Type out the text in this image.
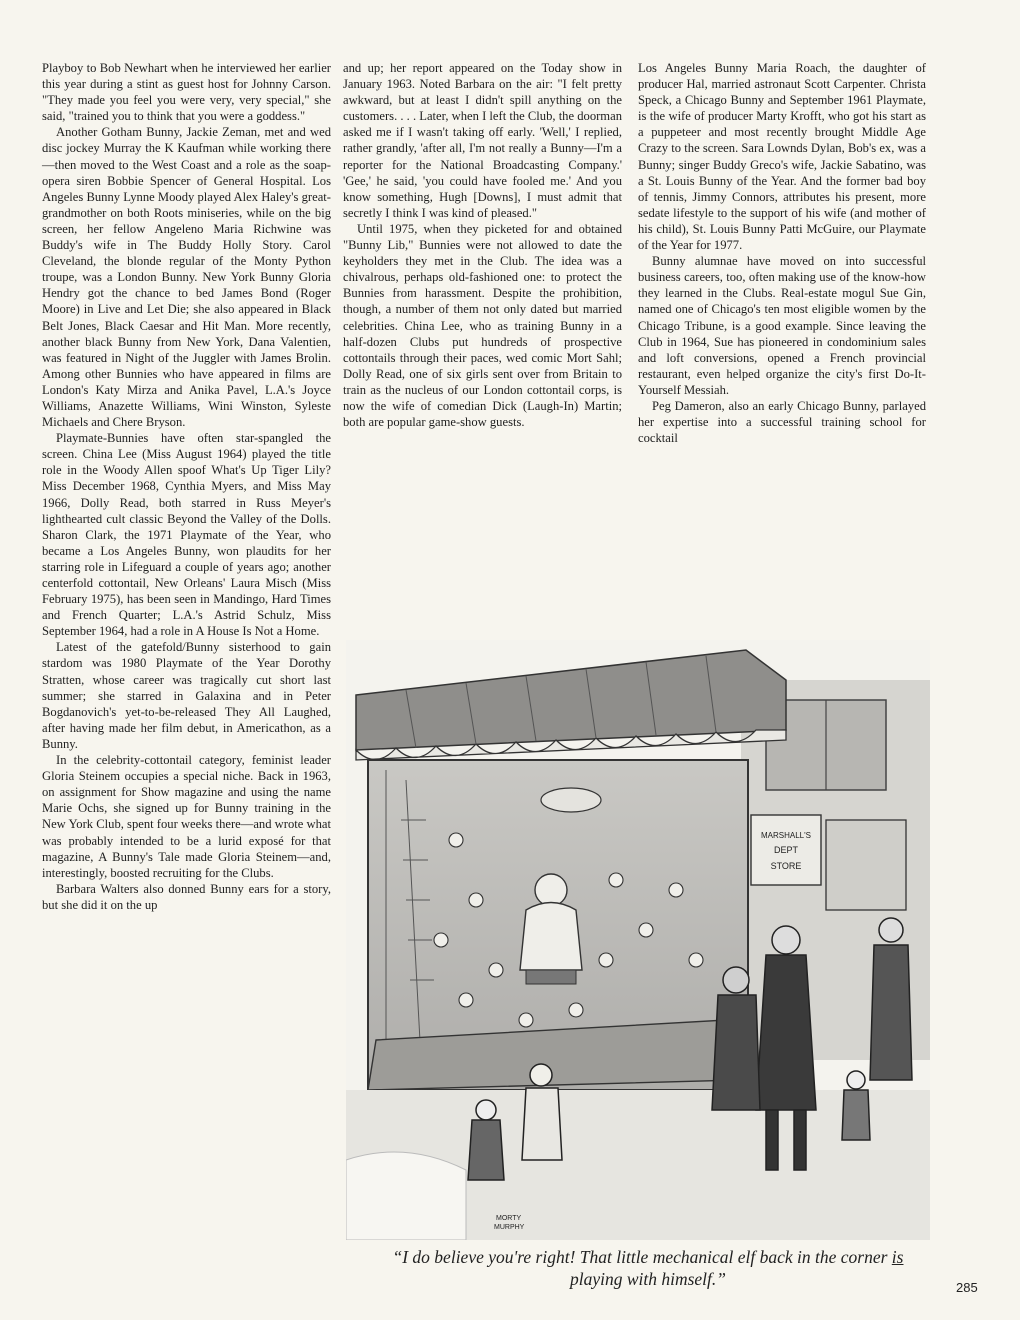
Playboy to Bob Newhart when he interviewed her earlier this year during a stint as guest host for Johnny Carson. "They made you feel you were very, very special," she said, "trained you to think that you were a goddess."

Another Gotham Bunny, Jackie Zeman, met and wed disc jockey Murray the K Kaufman while working there—then moved to the West Coast and a role as the soap-opera siren Bobbie Spencer of General Hospital. Los Angeles Bunny Lynne Moody played Alex Haley's great-grandmother on both Roots miniseries, while on the big screen, her fellow Angeleno Maria Richwine was Buddy's wife in The Buddy Holly Story. Carol Cleveland, the blonde regular of the Monty Python troupe, was a London Bunny. New York Bunny Gloria Hendry got the chance to bed James Bond (Roger Moore) in Live and Let Die; she also appeared in Black Belt Jones, Black Caesar and Hit Man. More recently, another black Bunny from New York, Dana Valentien, was featured in Night of the Juggler with James Brolin. Among other Bunnies who have appeared in films are London's Katy Mirza and Anika Pavel, L.A.'s Joyce Williams, Anazette Williams, Wini Winston, Syleste Michaels and Chere Bryson.

Playmate-Bunnies have often star-spangled the screen. China Lee (Miss August 1964) played the title role in the Woody Allen spoof What's Up Tiger Lily? Miss December 1968, Cynthia Myers, and Miss May 1966, Dolly Read, both starred in Russ Meyer's lighthearted cult classic Beyond the Valley of the Dolls. Sharon Clark, the 1971 Playmate of the Year, who became a Los Angeles Bunny, won plaudits for her starring role in Lifeguard a couple of years ago; another centerfold cottontail, New Orleans' Laura Misch (Miss February 1975), has been seen in Mandingo, Hard Times and French Quarter; L.A.'s Astrid Schulz, Miss September 1964, had a role in A House Is Not a Home.

Latest of the gatefold/Bunny sisterhood to gain stardom was 1980 Playmate of the Year Dorothy Stratten, whose career was tragically cut short last summer; she starred in Galaxina and in Peter Bogdanovich's yet-to-be-released They All Laughed, after having made her film debut, in Americathon, as a Bunny.

In the celebrity-cottontail category, feminist leader Gloria Steinem occupies a special niche. Back in 1963, on assignment for Show magazine and using the name Marie Ochs, she signed up for Bunny training in the New York Club, spent four weeks there—and wrote what was probably intended to be a lurid exposé for that magazine, A Bunny's Tale made Gloria Steinem—and, interestingly, boosted recruiting for the Clubs.

Barbara Walters also donned Bunny ears for a story, but she did it on the up

and up; her report appeared on the Today show in January 1963. Noted Barbara on the air: "I felt pretty awkward, but at least I didn't spill anything on the customers. . . . Later, when I left the Club, the doorman asked me if I wasn't taking off early. 'Well,' I replied, rather grandly, 'after all, I'm not really a Bunny—I'm a reporter for the National Broadcasting Company.' 'Gee,' he said, 'you could have fooled me.' And you know something, Hugh [Downs], I must admit that secretly I think I was kind of pleased."

Until 1975, when they picketed for and obtained "Bunny Lib," Bunnies were not allowed to date the keyholders they met in the Club. The idea was a chivalrous, perhaps old-fashioned one: to protect the Bunnies from harassment. Despite the prohibition, though, a number of them not only dated but married celebrities. China Lee, who as training Bunny in a half-dozen Clubs put hundreds of prospective cottontails through their paces, wed comic Mort Sahl; Dolly Read, one of six girls sent over from Britain to train as the nucleus of our London cottontail corps, is now the wife of comedian Dick (Laugh-In) Martin; both are popular game-show guests.

Los Angeles Bunny Maria Roach, the daughter of producer Hal, married astronaut Scott Carpenter. Christa Speck, a Chicago Bunny and September 1961 Playmate, is the wife of producer Marty Krofft, who got his start as a puppeteer and most recently brought Middle Age Crazy to the screen. Sara Lownds Dylan, Bob's ex, was a Bunny; singer Buddy Greco's wife, Jackie Sabatino, was a St. Louis Bunny of the Year. And the former bad boy of tennis, Jimmy Connors, attributes his present, more sedate lifestyle to the support of his wife (and mother of his child), St. Louis Bunny Patti McGuire, our Playmate of the Year for 1977.

Bunny alumnae have moved on into successful business careers, too, often making use of the know-how they learned in the Clubs. Real-estate mogul Sue Gin, named one of Chicago's ten most eligible women by the Chicago Tribune, is a good example. Since leaving the Club in 1964, Sue has pioneered in condominium sales and loft conversions, opened a French provincial restaurant, even helped organize the city's first Do-It-Yourself Messiah.

Peg Dameron, also an early Chicago Bunny, parlayed her expertise into a successful training school for cocktail

MARSHALL'S
DEPT
STORE
MORTY
MURPHY
“I do believe you're right! That little mechanical elf back in the corner is playing with himself.”	285
